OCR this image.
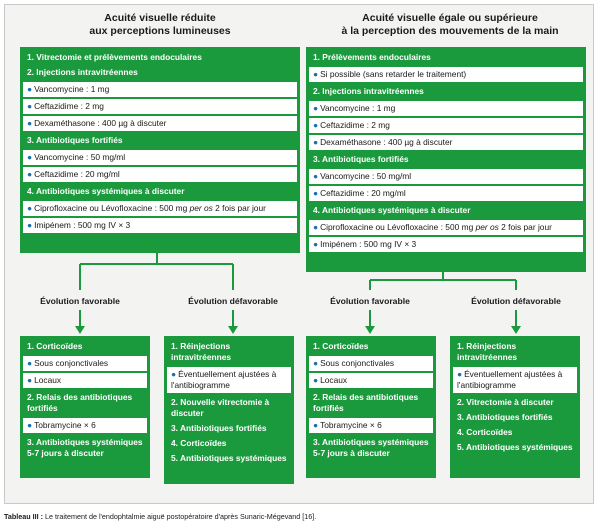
Acuité visuelle réduite
aux perceptions lumineuses
Acuité visuelle égale ou supérieure
à la perception des mouvements de la main
1. Vitrectomie et prélèvements endoculaires
2. Injections intravitréennes
● Vancomycine : 1 mg
● Ceftazidime : 2 mg
● Dexaméthasone : 400 µg à discuter
3. Antibiotiques fortifiés
● Vancomycine : 50 mg/ml
● Ceftazidime : 20 mg/ml
4. Antibiotiques systémiques à discuter
● Ciprofloxacine ou Lévofloxacine : 500 mg per os 2 fois par jour
● Imipénem : 500 mg IV × 3
1. Prélèvements endoculaires
● Si possible (sans retarder le traitement)
2. Injections intravitréennes
● Vancomycine : 1 mg
● Ceftazidime : 2 mg
● Dexaméthasone : 400 µg à discuter
3. Antibiotiques fortifiés
● Vancomycine : 50 mg/ml
● Ceftazidime : 20 mg/ml
4. Antibiotiques systémiques à discuter
● Ciprofloxacine ou Lévofloxacine : 500 mg per os 2 fois par jour
● Imipénem : 500 mg IV × 3
Évolution favorable	Évolution défavorable	Évolution favorable	Évolution défavorable
1. Corticoïdes
● Sous conjonctivales
● Locaux
2. Relais des antibiotiques fortifiés
● Tobramycine × 6
3. Antibiotiques systémiques 5-7 jours à discuter
1. Réinjections intravitréennes
● Éventuellement ajustées à l'antibiogramme
2. Nouvelle vitrectomie à discuter
3. Antibiotiques fortifiés
4. Corticoïdes
5. Antibiotiques systémiques
1. Corticoïdes
● Sous conjonctivales
● Locaux
2. Relais des antibiotiques fortifiés
● Tobramycine × 6
3. Antibiotiques systémiques 5-7 jours à discuter
1. Réinjections intravitréennes
● Éventuellement ajustées à l'antibiogramme
2. Vitrectomie à discuter
3. Antibiotiques fortifiés
4. Corticoïdes
5. Antibiotiques systémiques
Tableau III : Le traitement de l'endophtalmie aiguë postopératoire d'après Sunaric-Mégevand [16].
